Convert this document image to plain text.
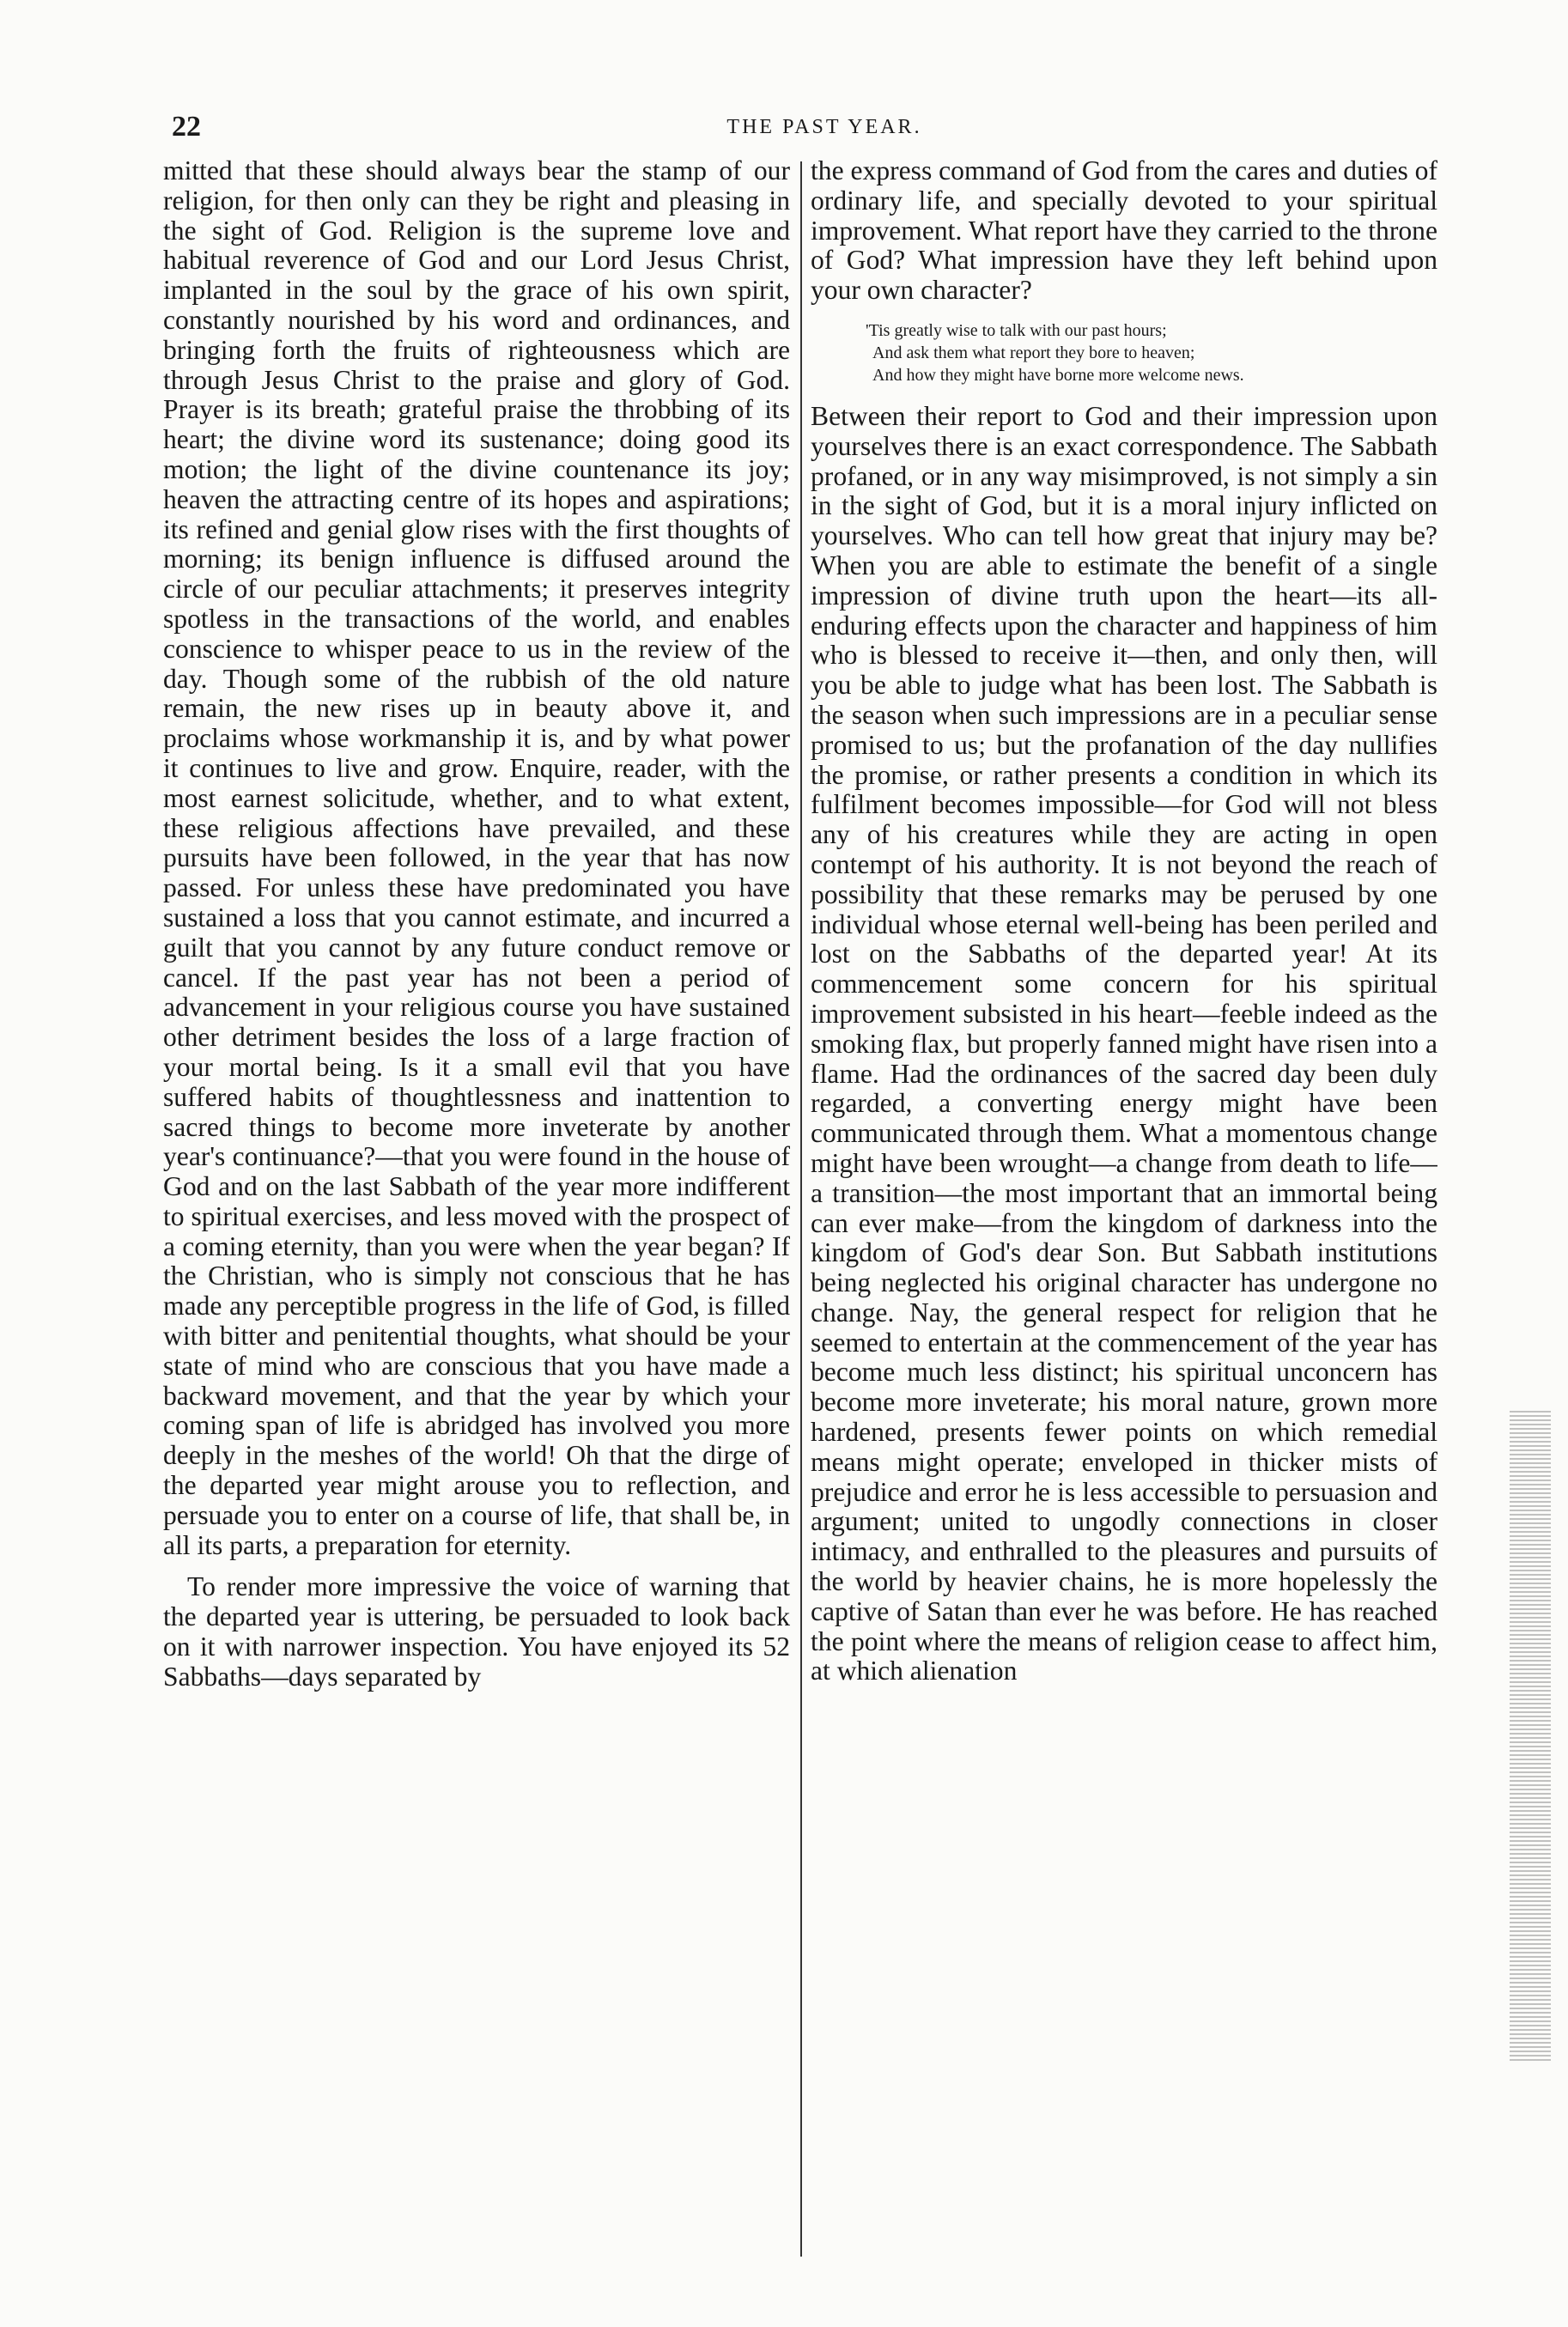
22	THE PAST YEAR.

mitted that these should always bear the stamp of our religion, for then only can they be right and pleasing in the sight of God. Religion is the supreme love and habitual reverence of God and our Lord Jesus Christ, implanted in the soul by the grace of his own spirit, constantly nourished by his word and ordinances, and bringing forth the fruits of righteousness which are through Jesus Christ to the praise and glory of God. Prayer is its breath; grateful praise the throbbing of its heart; the divine word its sustenance; doing good its motion; the light of the divine countenance its joy; heaven the attracting centre of its hopes and aspirations; its refined and genial glow rises with the first thoughts of morning; its benign influence is diffused around the circle of our peculiar attachments; it preserves integrity spotless in the transactions of the world, and enables conscience to whisper peace to us in the review of the day. Though some of the rubbish of the old nature remain, the new rises up in beauty above it, and proclaims whose workmanship it is, and by what power it continues to live and grow. Enquire, reader, with the most earnest solicitude, whether, and to what extent, these religious affections have prevailed, and these pursuits have been followed, in the year that has now passed. For unless these have predominated you have sustained a loss that you cannot estimate, and incurred a guilt that you cannot by any future conduct remove or cancel. If the past year has not been a period of advancement in your religious course you have sustained other detriment besides the loss of a large fraction of your mortal being. Is it a small evil that you have suffered habits of thoughtlessness and inattention to sacred things to become more inveterate by another year's continuance?—that you were found in the house of God and on the last Sabbath of the year more indifferent to spiritual exercises, and less moved with the prospect of a coming eternity, than you were when the year began? If the Christian, who is simply not conscious that he has made any perceptible progress in the life of God, is filled with bitter and penitential thoughts, what should be your state of mind who are conscious that you have made a backward movement, and that the year by which your coming span of life is abridged has involved you more deeply in the meshes of the world! Oh that the dirge of the departed year might arouse you to reflection, and persuade you to enter on a course of life, that shall be, in all its parts, a preparation for eternity.

To render more impressive the voice of warning that the departed year is uttering, be persuaded to look back on it with narrower inspection. You have enjoyed its 52 Sabbaths—days separated by

the express command of God from the cares and duties of ordinary life, and specially devoted to your spiritual improvement. What report have they carried to the throne of God? What impression have they left behind upon your own character?

'Tis greatly wise to talk with our past hours;
And ask them what report they bore to heaven;
And how they might have borne more welcome news.

Between their report to God and their impression upon yourselves there is an exact correspondence. The Sabbath profaned, or in any way misimproved, is not simply a sin in the sight of God, but it is a moral injury inflicted on yourselves. Who can tell how great that injury may be? When you are able to estimate the benefit of a single impression of divine truth upon the heart—its all-enduring effects upon the character and happiness of him who is blessed to receive it—then, and only then, will you be able to judge what has been lost. The Sabbath is the season when such impressions are in a peculiar sense promised to us; but the profanation of the day nullifies the promise, or rather presents a condition in which its fulfilment becomes impossible—for God will not bless any of his creatures while they are acting in open contempt of his authority. It is not beyond the reach of possibility that these remarks may be perused by one individual whose eternal well-being has been periled and lost on the Sabbaths of the departed year! At its commencement some concern for his spiritual improvement subsisted in his heart—feeble indeed as the smoking flax, but properly fanned might have risen into a flame. Had the ordinances of the sacred day been duly regarded, a converting energy might have been communicated through them. What a momentous change might have been wrought—a change from death to life—a transition—the most important that an immortal being can ever make—from the kingdom of darkness into the kingdom of God's dear Son. But Sabbath institutions being neglected his original character has undergone no change. Nay, the general respect for religion that he seemed to entertain at the commencement of the year has become much less distinct; his spiritual unconcern has become more inveterate; his moral nature, grown more hardened, presents fewer points on which remedial means might operate; enveloped in thicker mists of prejudice and error he is less accessible to persuasion and argument; united to ungodly connections in closer intimacy, and enthralled to the pleasures and pursuits of the world by heavier chains, he is more hopelessly the captive of Satan than ever he was before. He has reached the point where the means of religion cease to affect him, at which alienation
